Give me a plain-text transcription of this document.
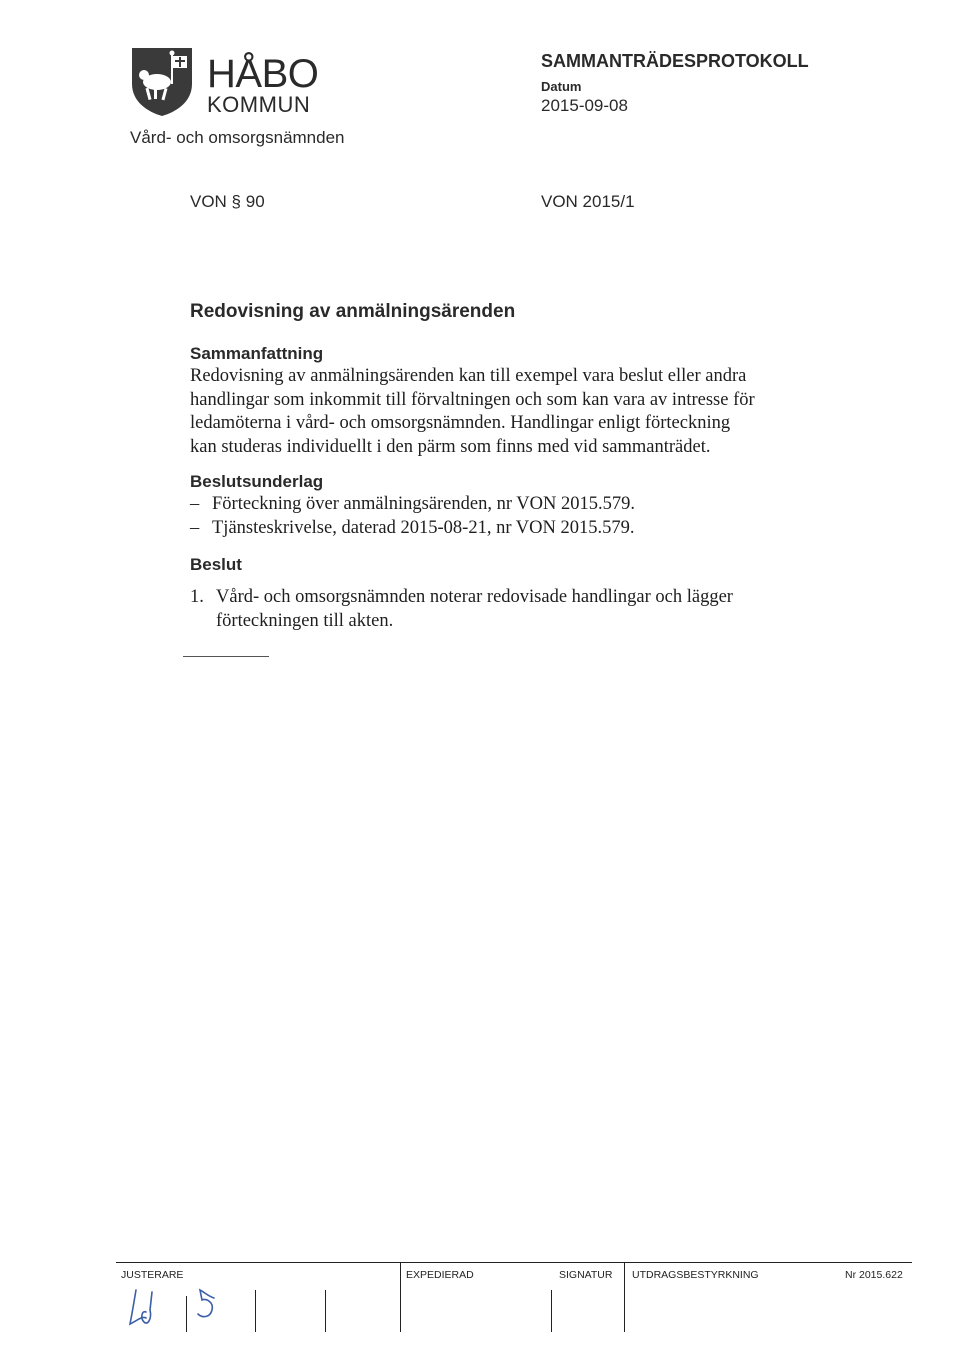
HÅBO
KOMMUN
Vård- och omsorgsnämnden
SAMMANTRÄDESPROTOKOLL
Datum
2015-09-08
VON § 90	VON 2015/1
Redovisning av anmälningsärenden
Sammanfattning
Redovisning av anmälningsärenden kan till exempel vara beslut eller andra
handlingar som inkommit till förvaltningen och som kan vara av intresse för
ledamöterna i vård- och omsorgsnämnden. Handlingar enligt förteckning
kan studeras individuellt i den pärm som finns med vid sammanträdet.
Beslutsunderlag
– Förteckning över anmälningsärenden, nr VON 2015.579.
– Tjänsteskrivelse, daterad 2015-08-21, nr VON 2015.579.
Beslut
1. Vård- och omsorgsnämnden noterar redovisade handlingar och lägger
förteckningen till akten.
JUSTERARE	EXPEDIERAD	SIGNATUR UTDRAGSBESTYRKNING	Nr 2015.622
